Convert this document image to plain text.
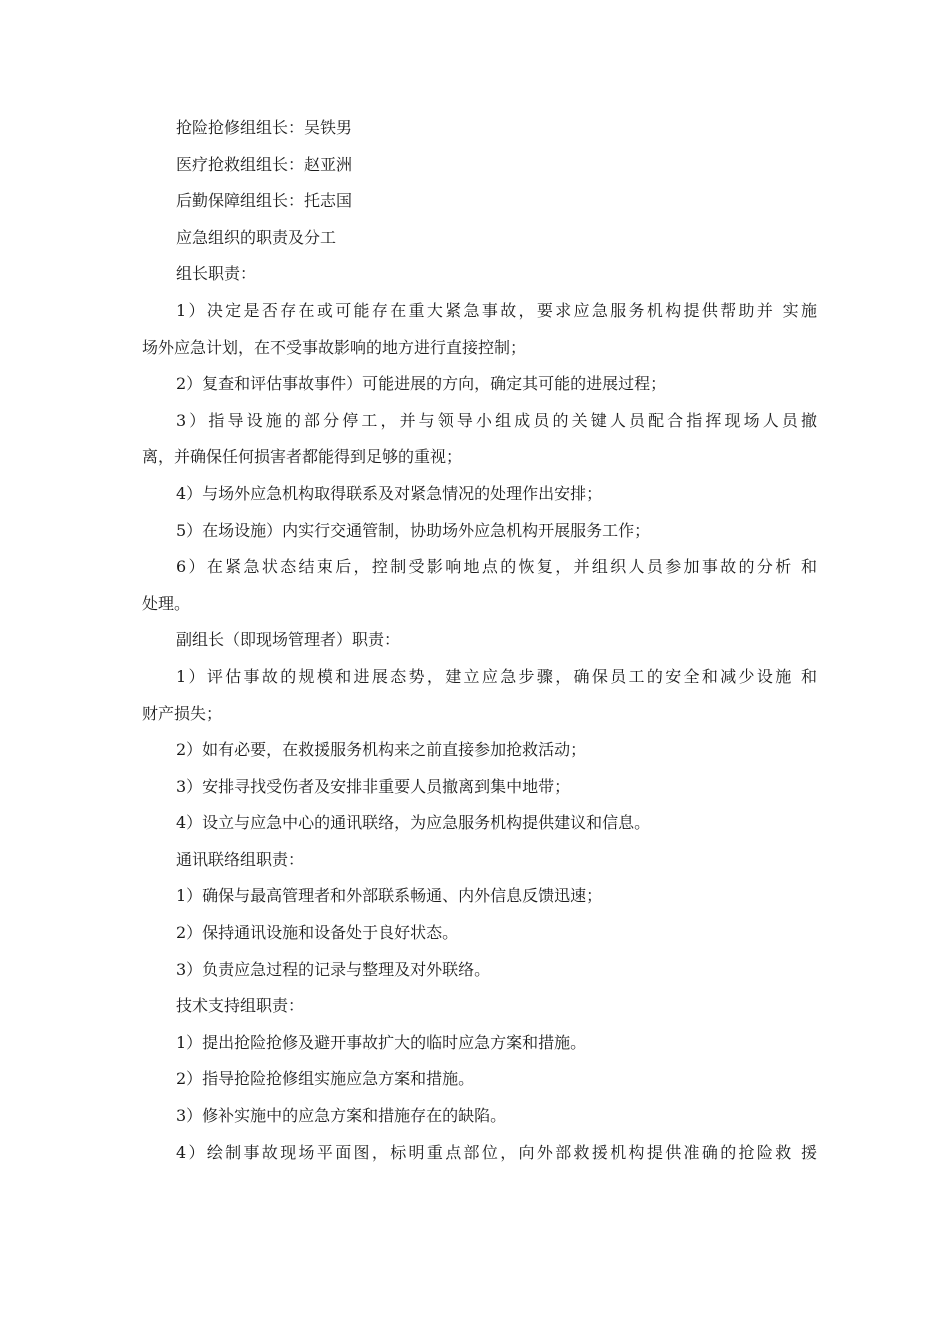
抢险抢修组组长：吴铁男

医疗抢救组组长：赵亚洲

后勤保障组组长：托志国

应急组织的职责及分工

组长职责：

1）决定是否存在或可能存在重大紧急事故，要求应急服务机构提供帮助并 实施

场外应急计划，在不受事故影响的地方进行直接控制；

2）复查和评估事故事件）可能进展的方向，确定其可能的进展过程；

3）指导设施的部分停工，并与领导小组成员的关键人员配合指挥现场人员撤

离，并确保任何损害者都能得到足够的重视；

4）与场外应急机构取得联系及对紧急情况的处理作出安排；

5）在场设施）内实行交通管制，协助场外应急机构开展服务工作；

6）在紧急状态结束后，控制受影响地点的恢复，并组织人员参加事故的分析 和

处理。

副组长（即现场管理者）职责：

1）评估事故的规模和进展态势，建立应急步骤，确保员工的安全和减少设施 和

财产损失；

2）如有必要，在救援服务机构来之前直接参加抢救活动；

3）安排寻找受伤者及安排非重要人员撤离到集中地带；

4）设立与应急中心的通讯联络，为应急服务机构提供建议和信息。

通讯联络组职责：

1）确保与最高管理者和外部联系畅通、内外信息反馈迅速；

2）保持通讯设施和设备处于良好状态。

3）负责应急过程的记录与整理及对外联络。

技术支持组职责：

1）提出抢险抢修及避开事故扩大的临时应急方案和措施。

2）指导抢险抢修组实施应急方案和措施。

3）修补实施中的应急方案和措施存在的缺陷。

4）绘制事故现场平面图，标明重点部位，向外部救援机构提供准确的抢险救 援
